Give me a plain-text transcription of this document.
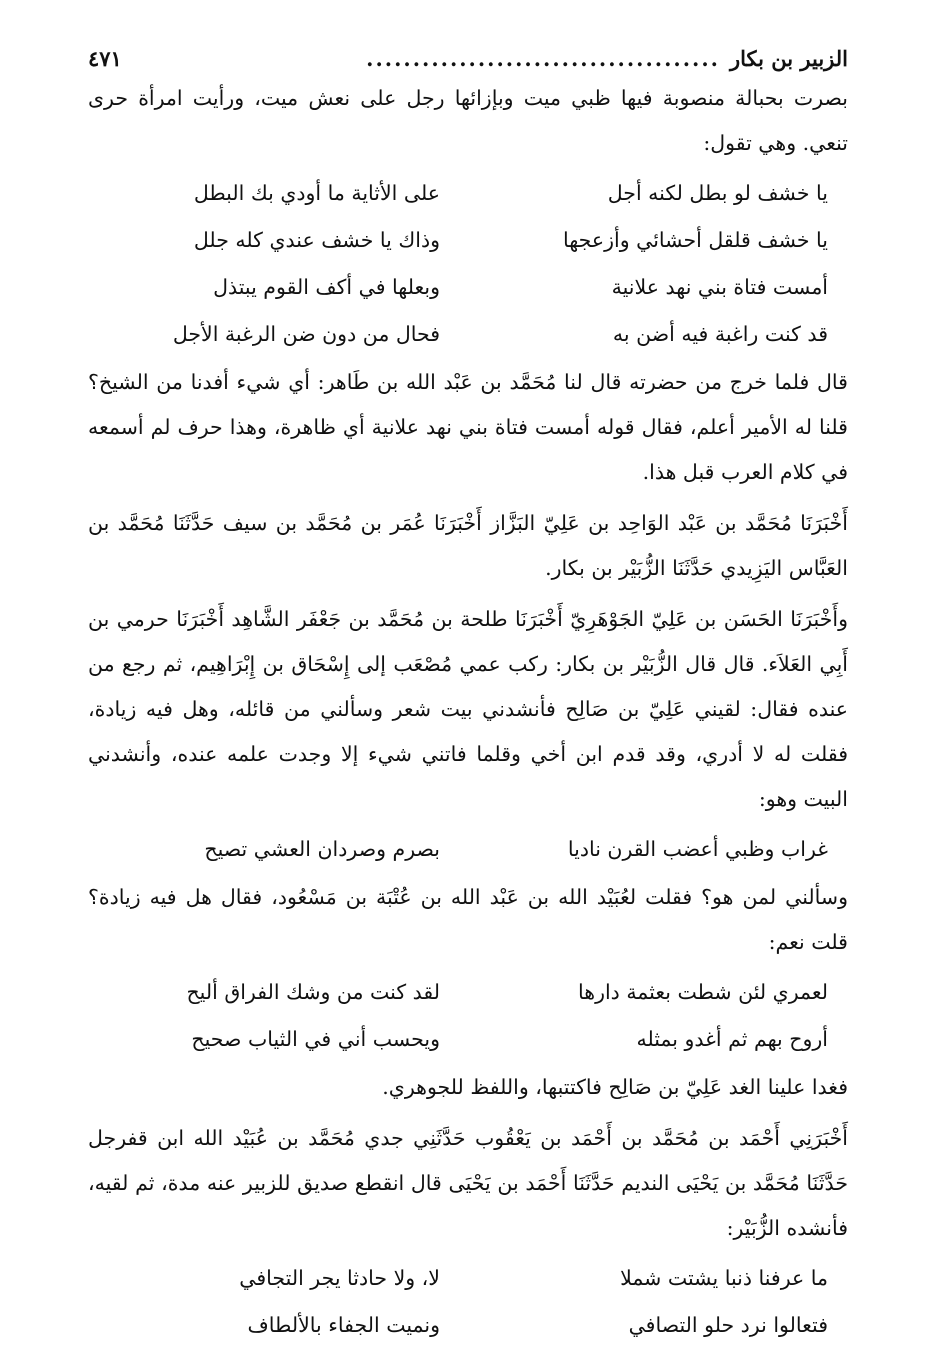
الزبير بن بكار
......................................
٤٧١

بصرت بحبالة منصوبة فيها ظبي ميت وبإزائها رجل على نعش ميت، ورأيت امرأة حرى تنعي. وهي تقول:

يا خشف لو بطل لكنه أجل
على الأثاية ما أودي بك البطل
يا خشف قلقل أحشائي وأزعجها
وذاك يا خشف عندي كله جلل
أمست فتاة بني نهد علانية
وبعلها في أكف القوم يبتذل
قد كنت راغبة فيه أضن به
فحال من دون ضن الرغبة الأجل

قال فلما خرج من حضرته قال لنا مُحَمَّد بن عَبْد الله بن طَاهر: أي شيء أفدنا من الشيخ؟ قلنا له الأمير أعلم، فقال قوله أمست فتاة بني نهد علانية أي ظاهرة، وهذا حرف لم أسمعه في كلام العرب قبل هذا.

أَخْبَرَنَا مُحَمَّد بن عَبْد الوَاحِد بن عَلِيّ البَزَّاز أَخْبَرَنَا عُمَر بن مُحَمَّد بن سيف حَدَّثَنَا مُحَمَّد بن العَبَّاس اليَزِيدي حَدَّثَنَا الزُّبَيْر بن بكار.

وأَخْبَرَنَا الحَسَن بن عَلِيّ الجَوْهَرِيّ أَخْبَرَنَا طلحة بن مُحَمَّد بن جَعْفَر الشَّاهِد أَخْبَرَنَا حرمي بن أَبِي العَلاَء. قال قال الزُّبَيْر بن بكار: ركب عمي مُصْعَب إلى إِسْحَاق بن إِبْرَاهِيم، ثم رجع من عنده فقال: لقيني عَلِيّ بن صَالِح فأنشدني بيت شعر وسألني من قائله، وهل فيه زيادة، فقلت له لا أدري، وقد قدم ابن أخي وقلما فاتني شيء إلا وجدت علمه عنده، وأنشدني البيت وهو:

غراب وظبي أعضب القرن ناديا
بصرم وصردان العشي تصيح

وسألني لمن هو؟ فقلت لعُبَيْد الله بن عَبْد الله بن عُتْبَة بن مَسْعُود، فقال هل فيه زيادة؟ قلت نعم:

لعمري لئن شطت بعثمة دارها
لقد كنت من وشك الفراق أليح
أروح بهم ثم أغدو بمثله
ويحسب أني في الثياب صحيح

فغدا علينا الغد عَلِيّ بن صَالِح فاكتتبها، واللفظ للجوهري.

أَخْبَرَنِي أَحْمَد بن مُحَمَّد بن أَحْمَد بن يَعْقُوب حَدَّثَنِي جدي مُحَمَّد بن عُبَيْد الله ابن قفرجل حَدَّثَنَا مُحَمَّد بن يَحْيَى النديم حَدَّثَنَا أَحْمَد بن يَحْيَى قال انقطع صديق للزبير عنه مدة، ثم لقيه، فأنشده الزُّبَيْر:

ما عرفنا ذنبا يشتت شملا
لا، ولا حادثا يجر التجافي
فتعالوا نرد حلو التصافي
ونميت الجفاء بالألطاف
